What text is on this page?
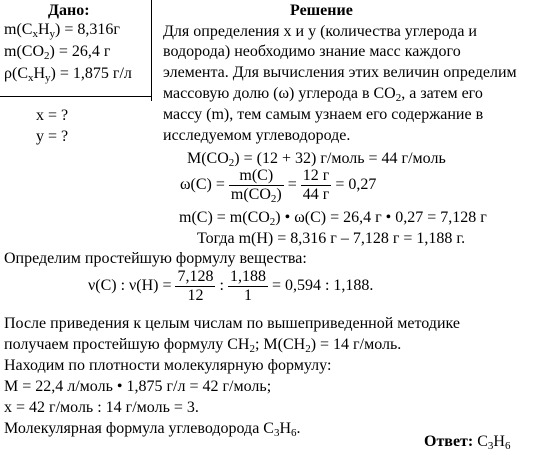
Дано:
$m(C_xH_y) = 8,316г$
$m(CO_2) = 26,4$ г
$\rho(C_xH_y) = 1,875$ г/л
x = ?
y = ?
Решение
Для определения x и y (количества углерода и
водорода) необходимо знание масс каждого
элемента. Для вычисления этих величин определим
массовую долю (ω) углерода в $CO_2$, а затем его
массу (m), тем самым узнаем его содержание в
исследуемом углеводороде.
$M(CO_2) = (12 + 32)$ г/моль = 44 г/моль
$\omega(C) = \frac{m(C)}{m(CO_2)} = \frac{12 г}{44 г} = 0,27$
$m(C) = m(CO_2)$ • ω(C) = 26,4 г • 0,27 = 7,128 г
Тогда m(H) = 8,316 г – 7,128 г = 1,188 г.
Определим простейшую формулу вещества:
ν(C) : $\nu(H) = \frac{7,128}{12}$ : $\frac{1,188}{1} = 0,594$ : 1,188.
После приведения к целым числам по вышеприведенной методике
получаем простейшую формулу $CH_2$; $M(CH_2) = 14$ г/моль.
Находим по плотности молекулярную формулу:
M = 22,4 л/моль • 1,875 г/л = 42 г/моль;
x = 42 г/моль : 14 г/моль = 3.
Молекулярная формула углеводорода $C_3H_6$.
Ответ: $C_3H_6$
